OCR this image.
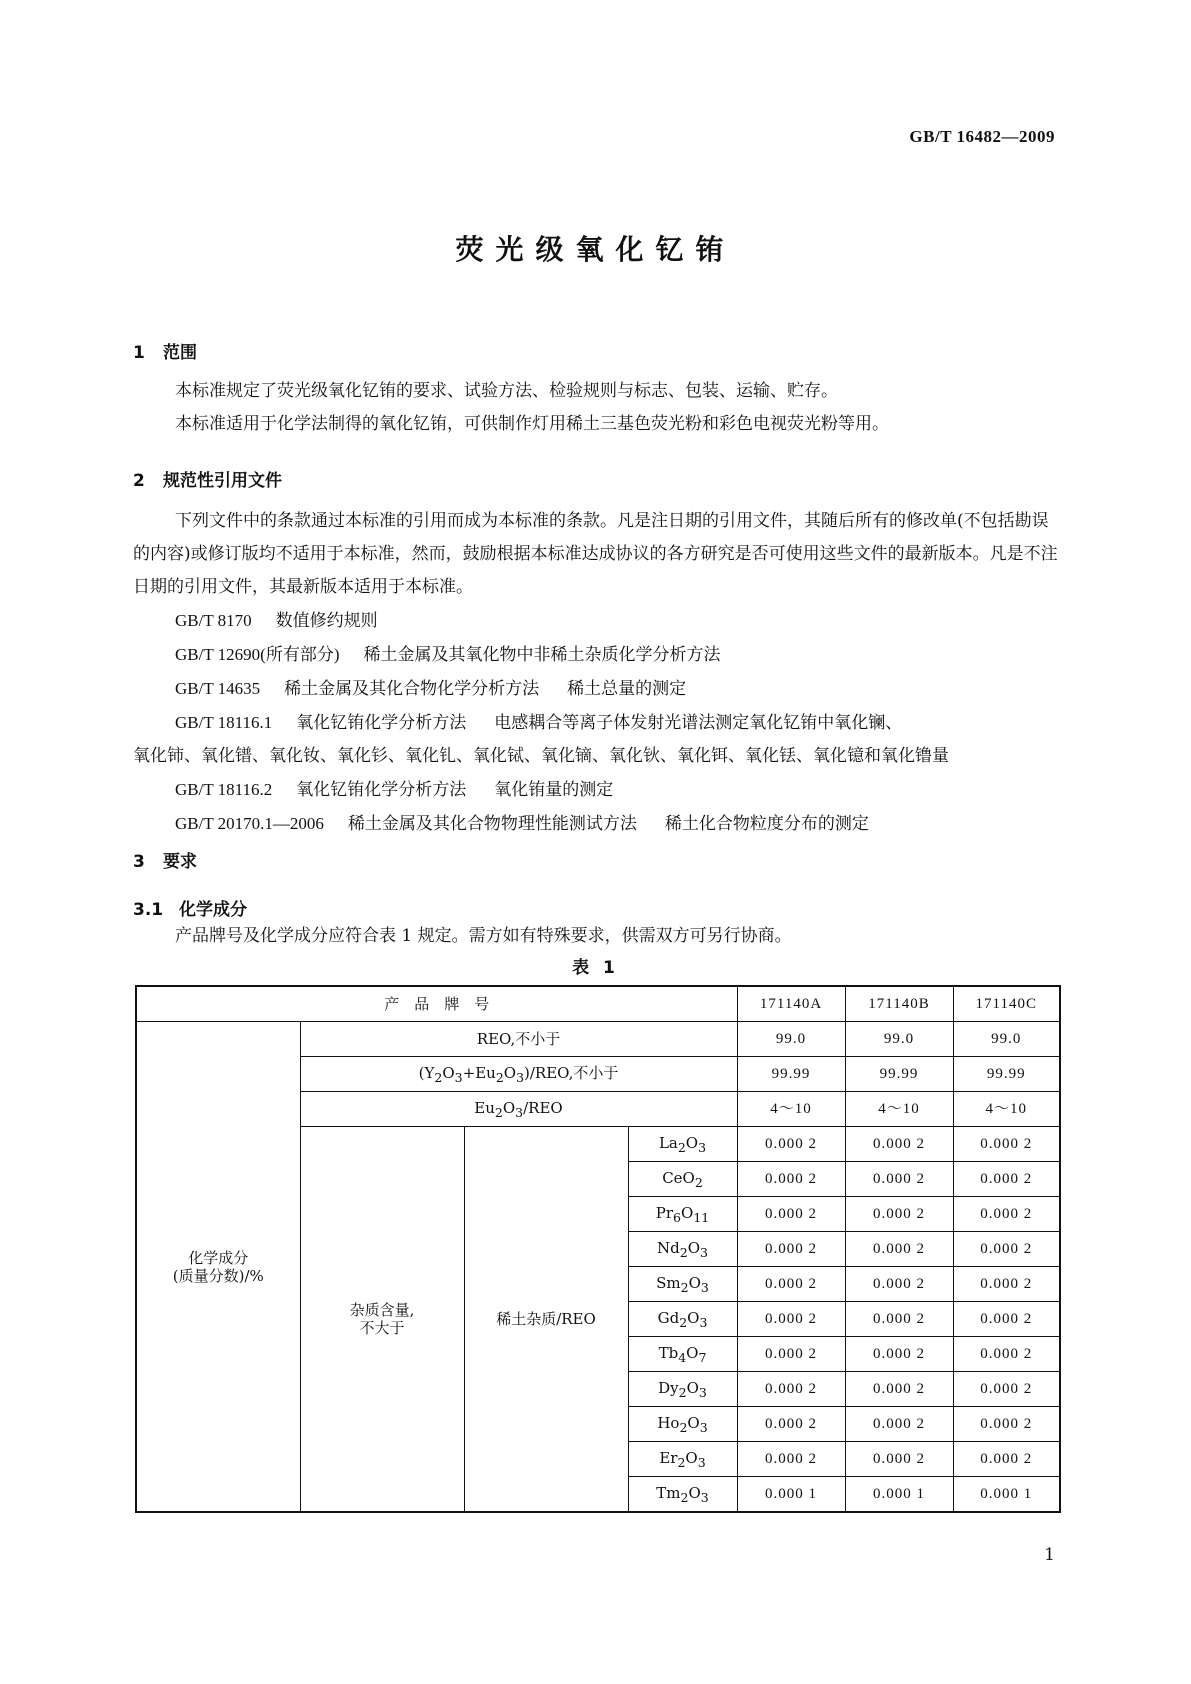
GB/T 16482—2009
荧光级氧化钇铕
1 范围

本标准规定了荧光级氧化钇铕的要求、试验方法、检验规则与标志、包装、运输、贮存。

本标准适用于化学法制得的氧化钇铕，可供制作灯用稀土三基色荧光粉和彩色电视荧光粉等用。

2 规范性引用文件

下列文件中的条款通过本标准的引用而成为本标准的条款。凡是注日期的引用文件，其随后所有的修改单(不包括勘误的内容)或修订版均不适用于本标准，然而，鼓励根据本标准达成协议的各方研究是否可使用这些文件的最新版本。凡是不注日期的引用文件，其最新版本适用于本标准。

GB/T 8170 数值修约规则
GB/T 12690(所有部分) 稀土金属及其氧化物中非稀土杂质化学分析方法
GB/T 14635 稀土金属及其化合物化学分析方法 稀土总量的测定
GB/T 18116.1 氧化钇铕化学分析方法 电感耦合等离子体发射光谱法测定氧化钇铕中氧化镧、

氧化铈、氧化镨、氧化钕、氧化钐、氧化钆、氧化铽、氧化镝、氧化钬、氧化铒、氧化铥、氧化镱和氧化镥量

GB/T 18116.2 氧化钇铕化学分析方法 氧化铕量的测定
GB/T 20170.1—2006 稀土金属及其化合物物理性能测试方法 稀土化合物粒度分布的测定
3 要求
3.1 化学成分

产品牌号及化学成分应符合表 1 规定。需方如有特殊要求，供需双方可另行协商。

表 1
产　品　牌　号				171140A	171140B	171140C
化学成分
(质量分数)/%	REO,不小于			99.0	99.0	99.0
	$(Y_2O_3+Eu_2O_3)$/REO,不小于			99.99	99.99	99.99
	$Eu_2O_3$/REO			4～10	4～10	4～10
	杂质含量,
不大于	稀土杂质/REO	$La_2O_3$	0.000 2	0.000 2	0.000 2
			CeO$_2$	0.000 2	0.000 2	0.000 2
			$Pr_6O_{11}$	0.000 2	0.000 2	0.000 2
			$Nd_2O_3$	0.000 2	0.000 2	0.000 2
			$Sm_2O_3$	0.000 2	0.000 2	0.000 2
			$Gd_2O_3$	0.000 2	0.000 2	0.000 2
			$Tb_4O_7$	0.000 2	0.000 2	0.000 2
			$Dy_2O_3$	0.000 2	0.000 2	0.000 2
			$Ho_2O_3$	0.000 2	0.000 2	0.000 2
			$Er_2O_3$	0.000 2	0.000 2	0.000 2
			$Tm_2O_3$	0.000 1	0.000 1	0.000 1
1
